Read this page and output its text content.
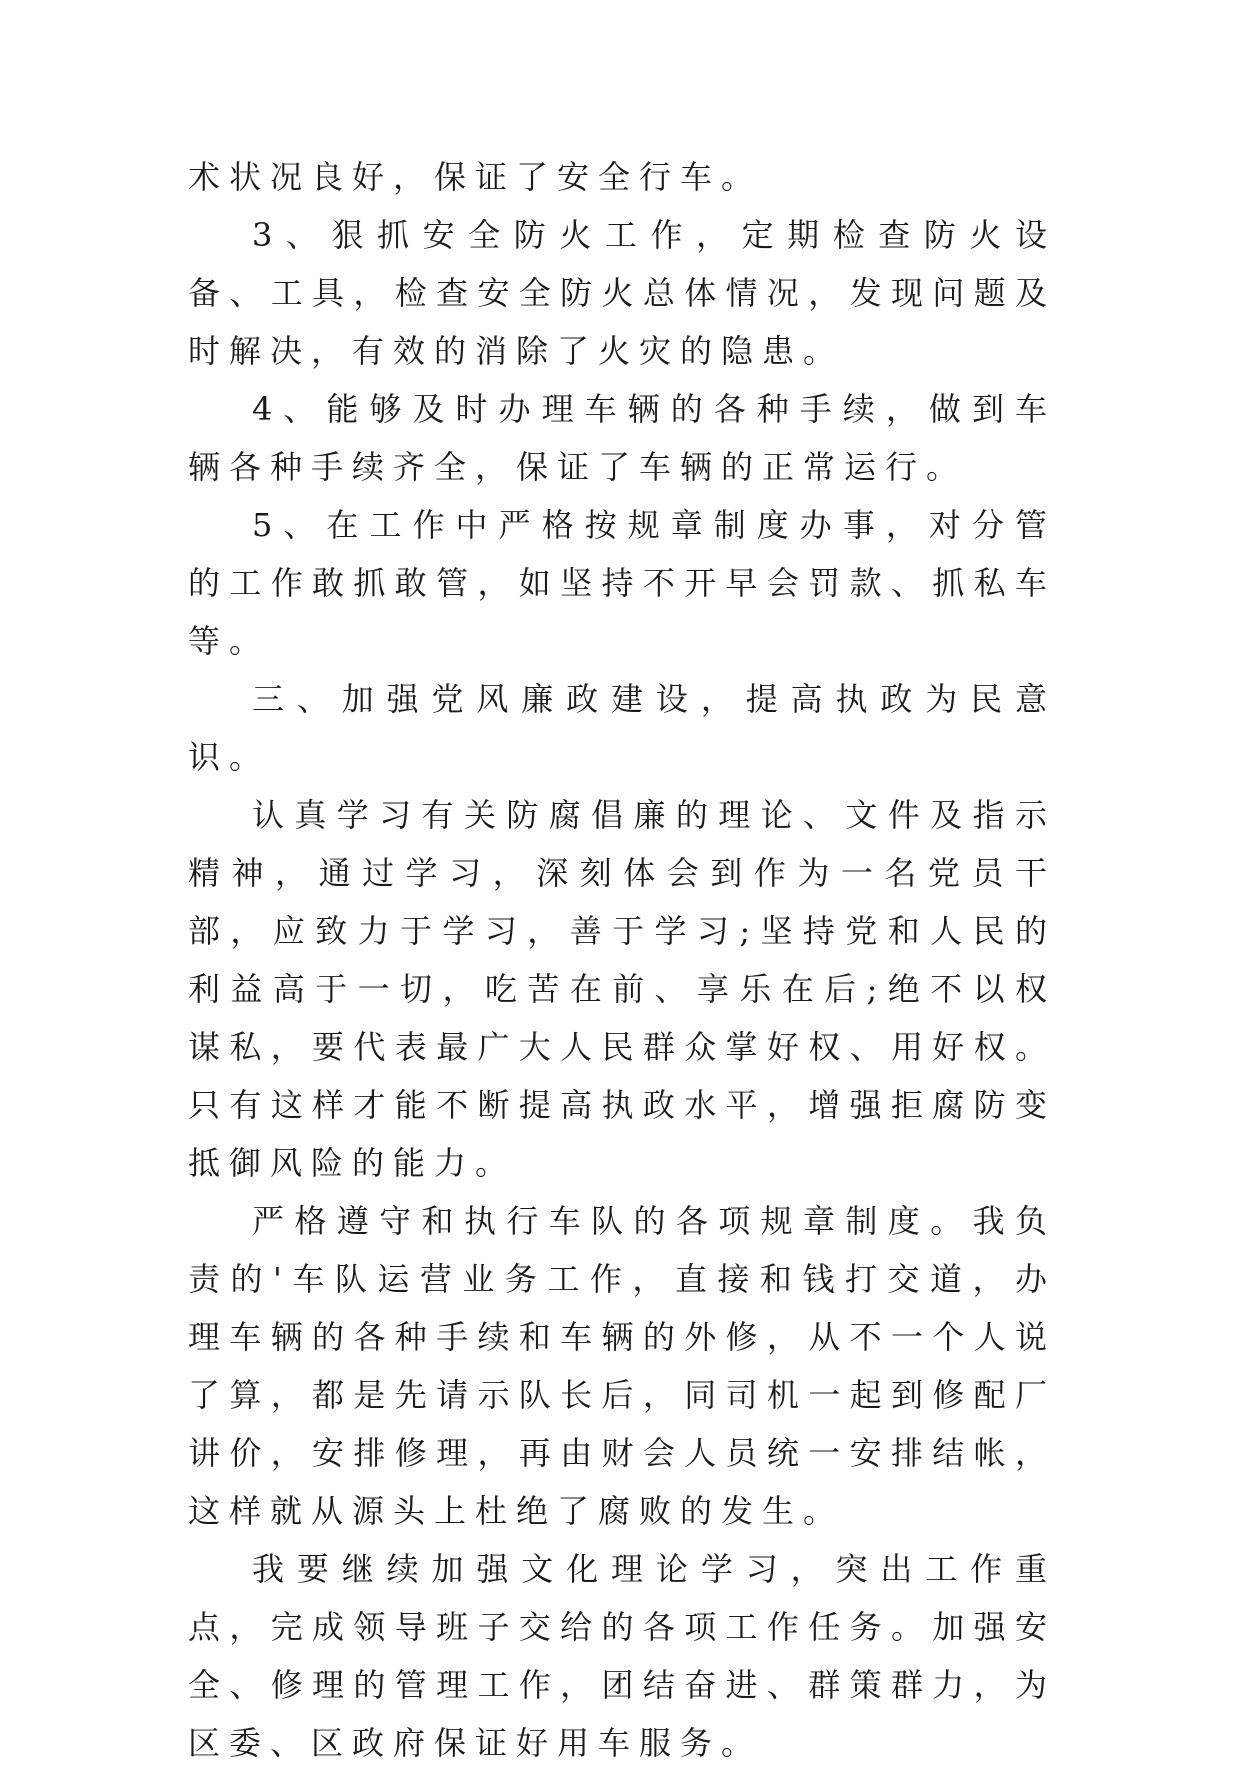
术状况良好，保证了安全行车。

3、狠抓安全防火工作，定期检查防火设备、工具，检查安全防火总体情况，发现问题及时解决，有效的消除了火灾的隐患。

4、能够及时办理车辆的各种手续，做到车辆各种手续齐全，保证了车辆的正常运行。

5、在工作中严格按规章制度办事，对分管的工作敢抓敢管，如坚持不开早会罚款、抓私车等。

三、加强党风廉政建设，提高执政为民意识。

认真学习有关防腐倡廉的理论、文件及指示精神，通过学习，深刻体会到作为一名党员干部，应致力于学习，善于学习;坚持党和人民的利益高于一切，吃苦在前、享乐在后;绝不以权谋私，要代表最广大人民群众掌好权、用好权。只有这样才能不断提高执政水平，增强拒腐防变抵御风险的能力。

严格遵守和执行车队的各项规章制度。我负责的'车队运营业务工作，直接和钱打交道，办理车辆的各种手续和车辆的外修，从不一个人说了算，都是先请示队长后，同司机一起到修配厂讲价，安排修理，再由财会人员统一安排结帐，这样就从源头上杜绝了腐败的发生。

我要继续加强文化理论学习，突出工作重点，完成领导班子交给的各项工作任务。加强安全、修理的管理工作，团结奋进、群策群力，为区委、区政府保证好用车服务。
